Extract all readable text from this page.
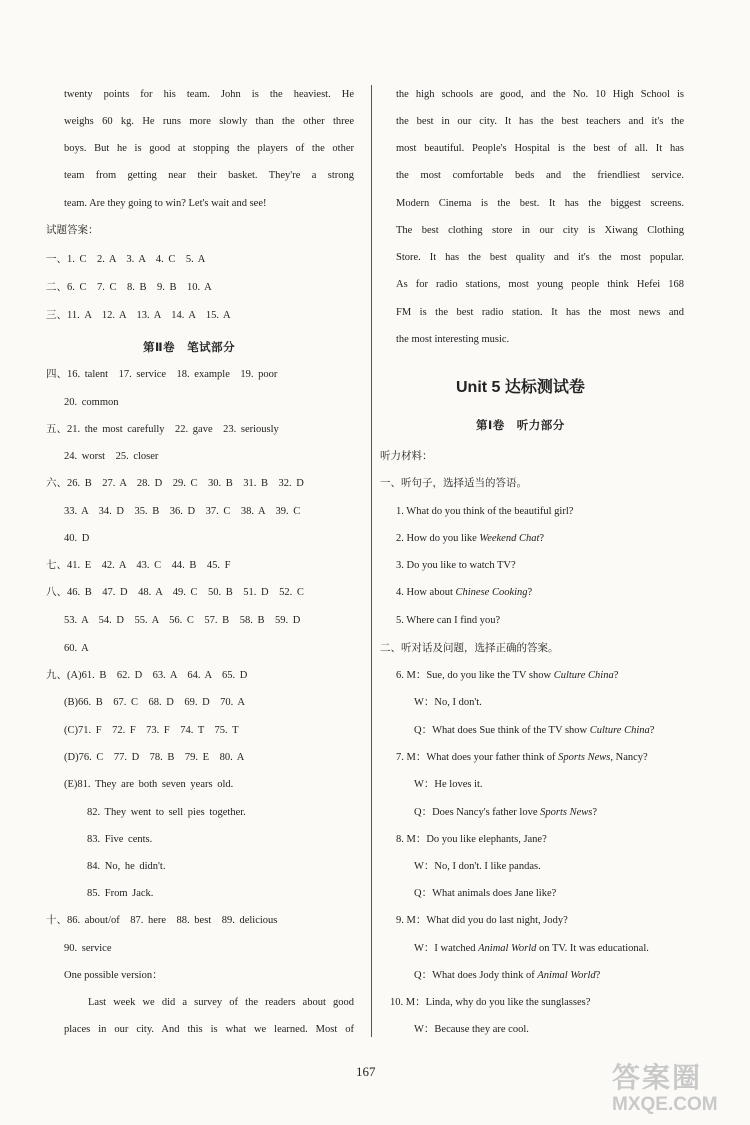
twenty points for his team. John is the heaviest. He
weighs 60 kg. He runs more slowly than the other three
boys. But he is good at stopping the players of the other
team from getting near their basket. They're a strong
team. Are they going to win? Let's wait and see!
试题答案：
一、1. C　2. A　3. A　4. C　5. A
二、6. C　7. C　8. B　9. B　10. A
三、11. A　12. A　13. A　14. A　15. A
第Ⅱ卷　笔试部分
四、16. talent　17. service　18. example　19. poor
20. common
五、21. the most carefully　22. gave　23. seriously
24. worst　25. closer
六、26. B　27. A　28. D　29. C　30. B　31. B　32. D
33. A　34. D　35. B　36. D　37. C　38. A　39. C
40. D
七、41. E　42. A　43. C　44. B　45. F
八、46. B　47. D　48. A　49. C　50. B　51. D　52. C
53. A　54. D　55. A　56. C　57. B　58. B　59. D
60. A
九、(A)61. B　62. D　63. A　64. A　65. D
(B)66. B　67. C　68. D　69. D　70. A
(C)71. F　72. F　73. F　74. T　75. T
(D)76. C　77. D　78. B　79. E　80. A
(E)81. They are both seven years old.
82. They went to sell pies together.
83. Five cents.
84. No, he didn't.
85. From Jack.
十、86. about/of　87. here　88. best　89. delicious
90. service
One possible version：
Last week we did a survey of the readers about good
places in our city. And this is what we learned. Most of
the high schools are good, and the No. 10 High School is
the best in our city. It has the best teachers and it's the
most beautiful. People's Hospital is the best of all. It has
the most comfortable beds and the friendliest service.
Modern Cinema is the best. It has the biggest screens.
The best clothing store in our city is Xiwang Clothing
Store. It has the best quality and it's the most popular.
As for radio stations, most young people think Hefei 168
FM is the best radio station. It has the most news and
the most interesting music.
第Ⅰ卷　听力部分
听力材料：
一、听句子，选择适当的答语。
1. What do you think of the beautiful girl?
2. How do you like Weekend Chat?
3. Do you like to watch TV?
4. How about Chinese Cooking?
5. Where can I find you?
二、听对话及问题，选择正确的答案。
6. M：Sue, do you like the TV show Culture China?
W：No, I don't.
Q：What does Sue think of the TV show Culture China?
7. M：What does your father think of Sports News, Nancy?
W：He loves it.
Q：Does Nancy's father love Sports News?
8. M：Do you like elephants, Jane?
W：No, I don't. I like pandas.
Q：What animals does Jane like?
9. M：What did you do last night, Jody?
W：I watched Animal World on TV. It was educational.
Q：What does Jody think of Animal World?
10. M：Linda, why do you like the sunglasses?
W：Because they are cool.
Unit 5 达标测试卷
167	答案圈
MXQE.COM
